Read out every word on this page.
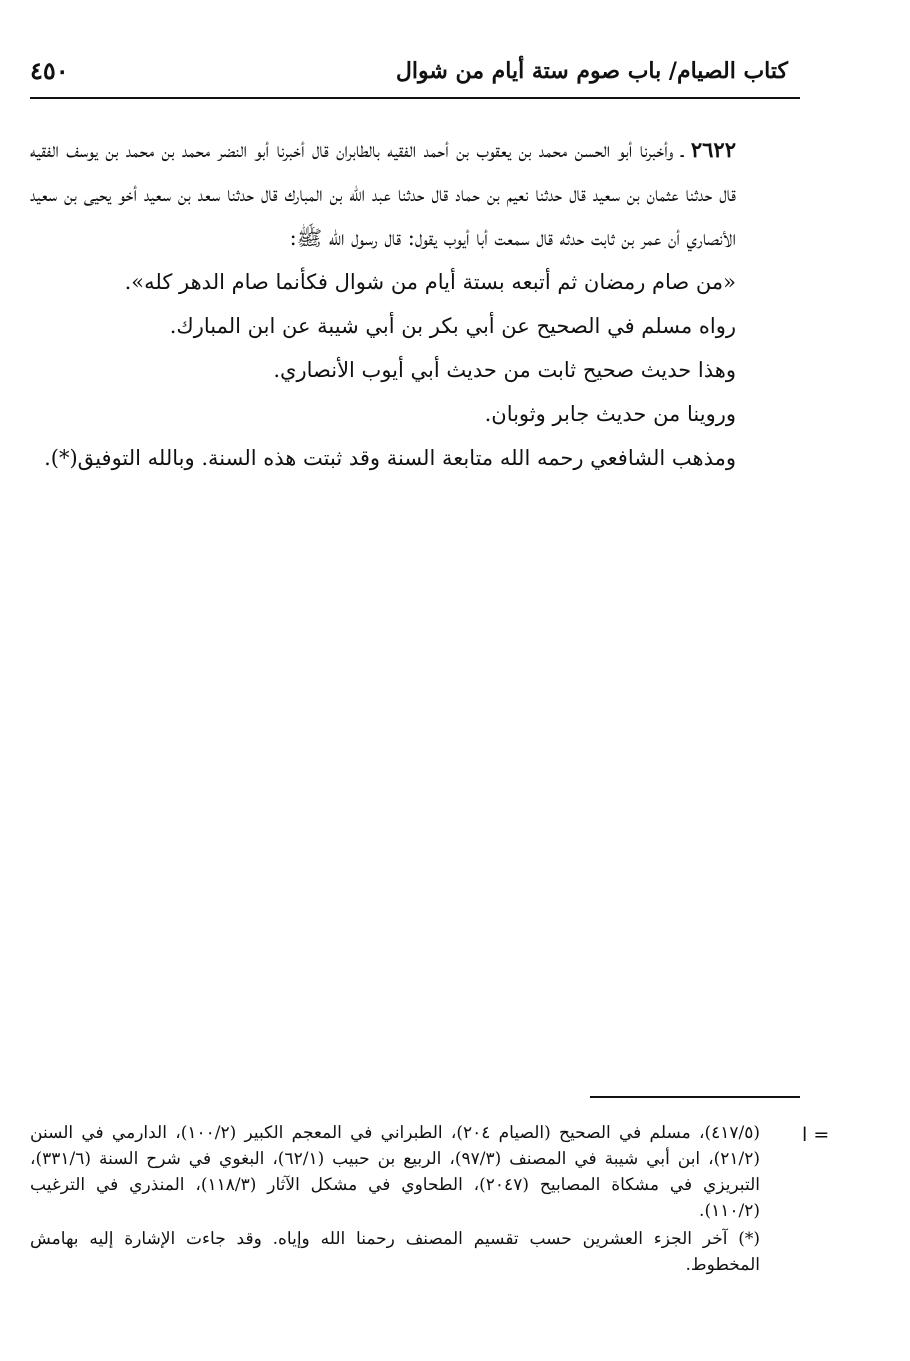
كتاب الصيام/ باب صوم ستة أيام من شوال
٤٥٠

٢٦٢٢ ـ وأخبرنا أبو الحسن محمد بن يعقوب بن أحمد الفقيه بالطابران قال أخبرنا أبو النضر محمد بن محمد بن يوسف الفقيه قال حدثنا عثمان بن سعيد قال حدثنا نعيم بن حماد قال حدثنا عبد الله بن المبارك قال حدثنا سعد بن سعيد أخو يحيى بن سعيد الأنصاري أن عمر بن ثابت حدثه قال سمعت أبا أيوب يقول: قال رسول الله ﷺ:

«من صام رمضان ثم أتبعه بستة أيام من شوال فكأنما صام الدهر كله».

رواه مسلم في الصحيح عن أبي بكر بن أبي شيبة عن ابن المبارك.

وهذا حديث صحيح ثابت من حديث أبي أيوب الأنصاري.

وروينا من حديث جابر وثوبان.

ومذهب الشافعي رحمه الله متابعة السنة وقد ثبتت هذه السنة. وبالله التوفيق(*).

= ا

(٤١٧/٥)، مسلم في الصحيح (الصيام ٢٠٤)، الطبراني في المعجم الكبير (١٠٠/٢)، الدارمي في السنن (٢١/٢)، ابن أبي شيبة في المصنف (٩٧/٣)، الربيع بن حبيب (٦٢/١)، البغوي في شرح السنة (٣٣١/٦)، التبريزي في مشكاة المصابيح (٢٠٤٧)، الطحاوي في مشكل الآثار (١١٨/٣)، المنذري في الترغيب (١١٠/٢).

(*) آخر الجزء العشرين حسب تقسيم المصنف رحمنا الله وإياه. وقد جاءت الإشارة إليه بهامش المخطوط.
